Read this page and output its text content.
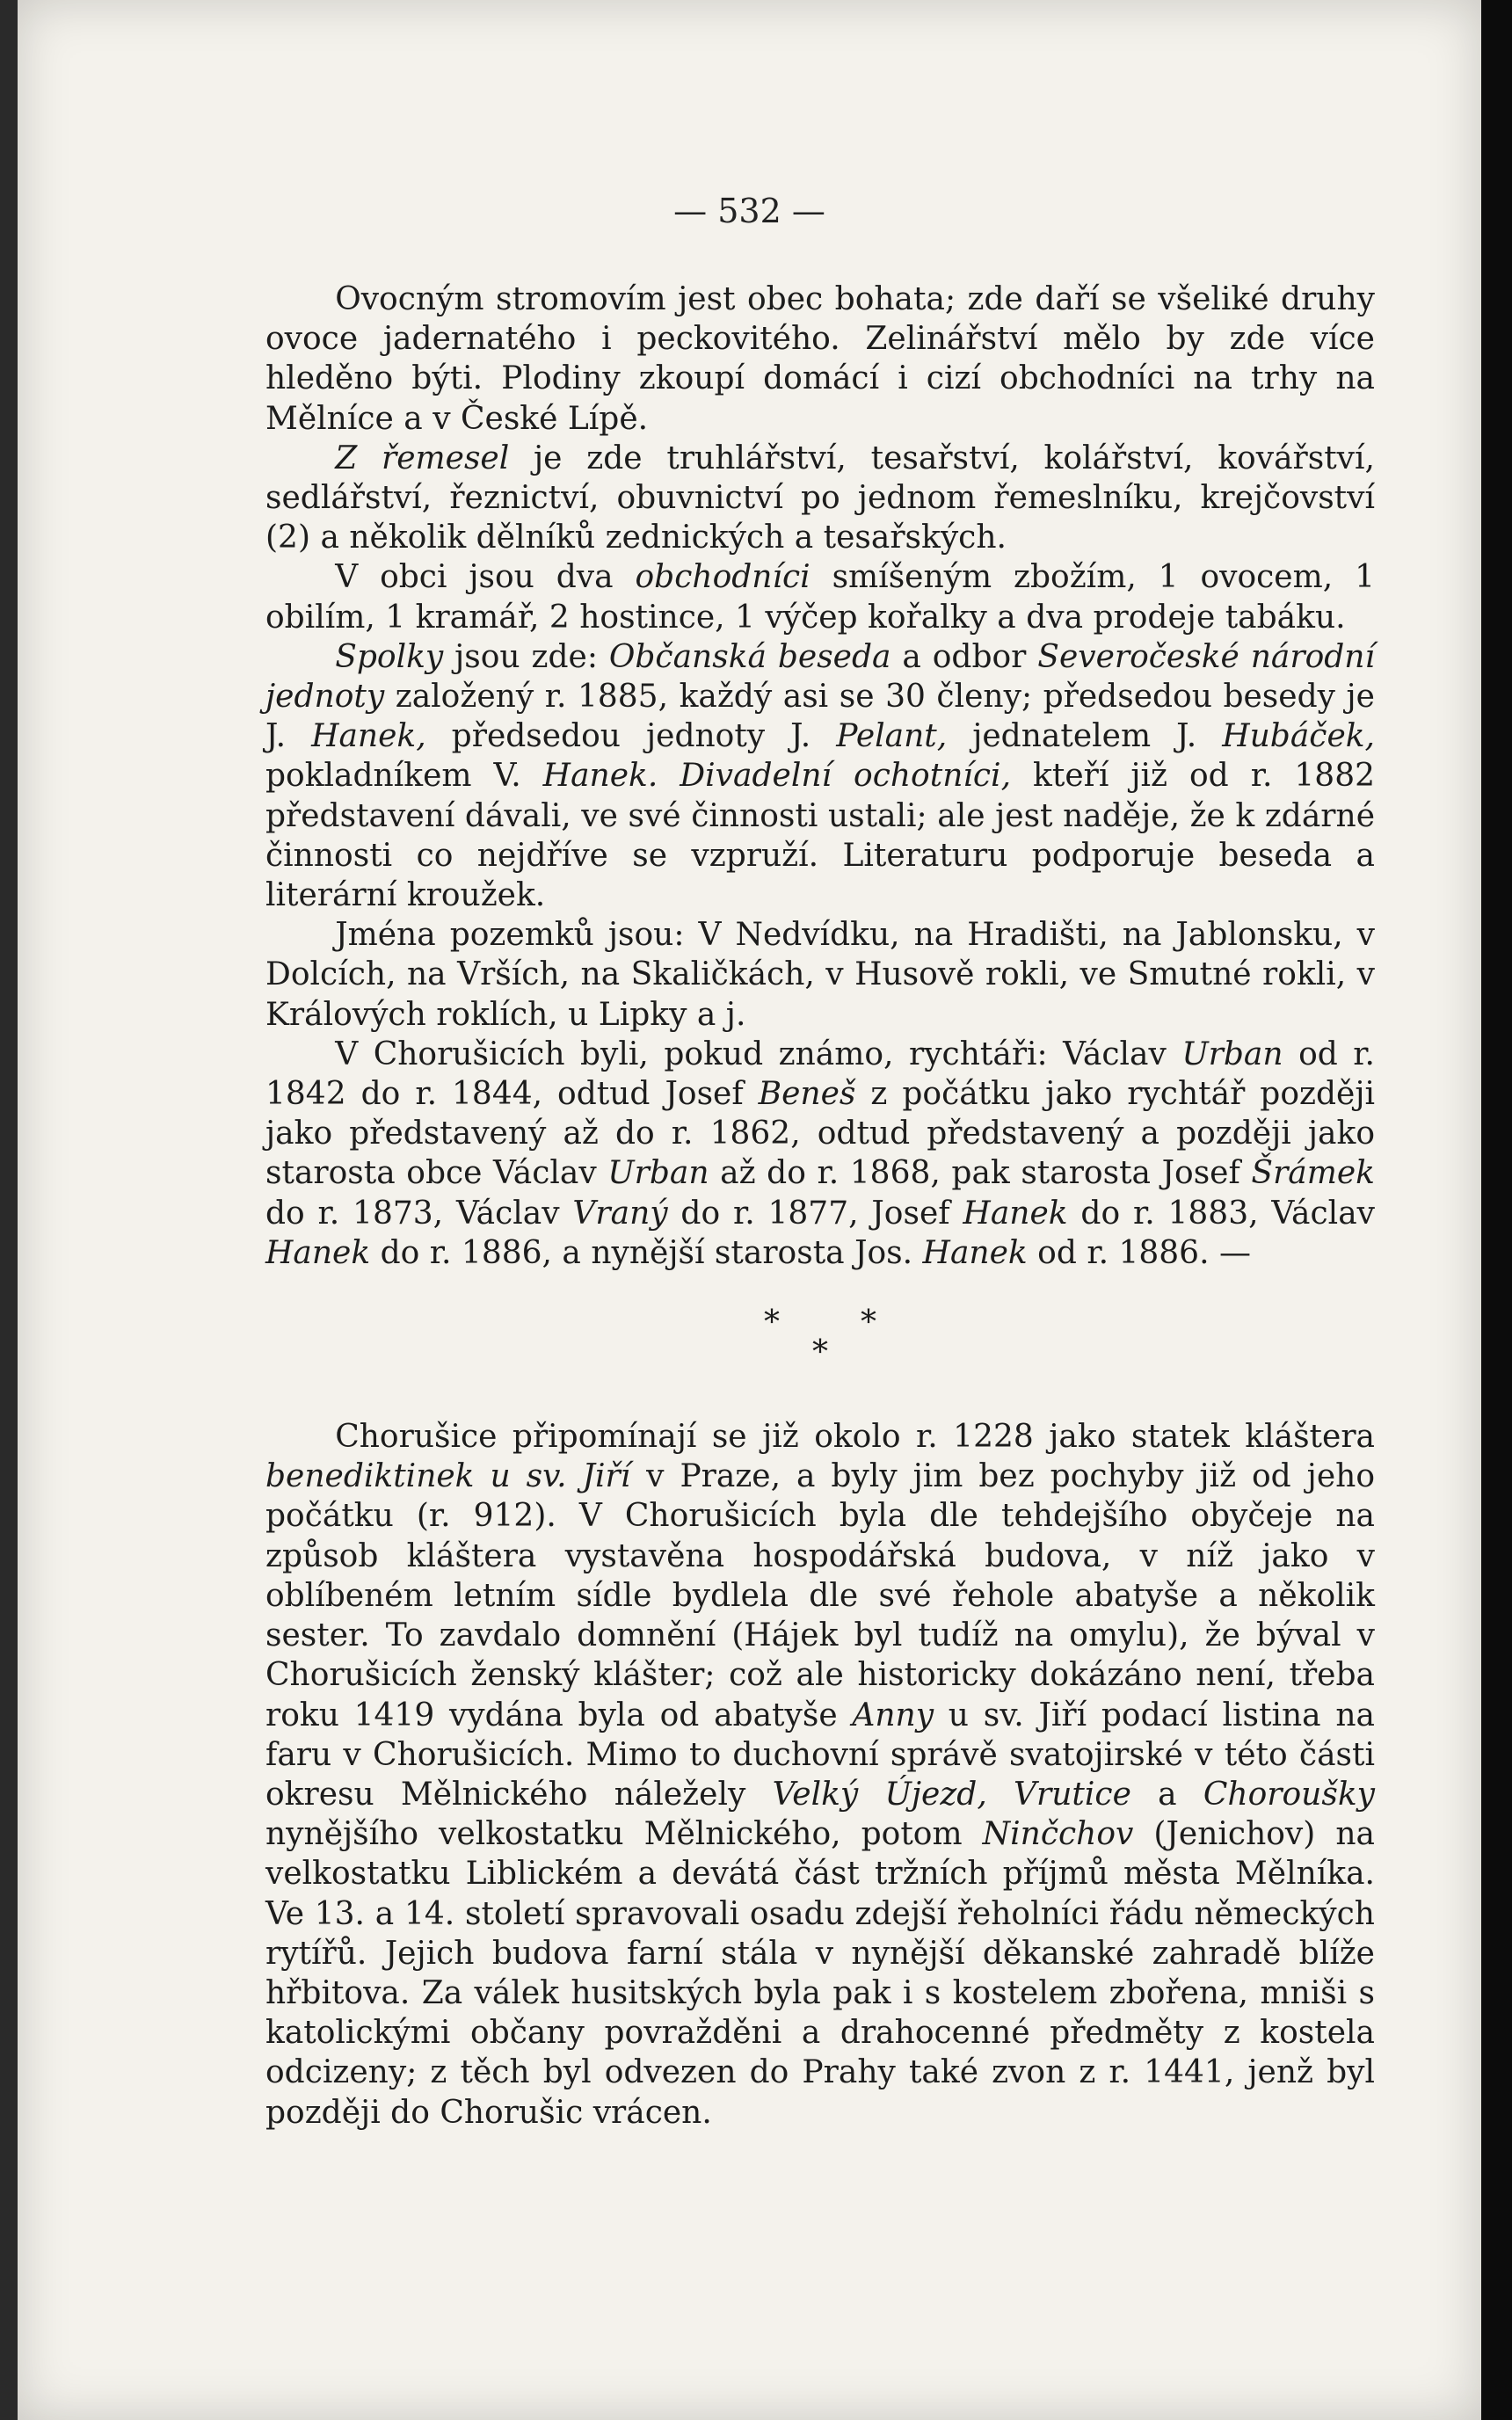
— 532 —

Ovocným stromovím jest obec bohata; zde daří se všeliké druhy ovoce jadernatého i peckovitého. Zelinářství mělo by zde více hleděno býti. Plodiny zkoupí domácí i cizí obchodníci na trhy na Mělníce a v České Lípě.

Z řemesel je zde truhlářství, tesařství, kolářství, kovářství, sedlářství, řeznictví, obuvnictví po jednom řemeslníku, krejčovství (2) a několik dělníků zednických a tesařských.

V obci jsou dva obchodníci smíšeným zbožím, 1 ovocem, 1 obilím, 1 kramář, 2 hostince, 1 výčep kořalky a dva prodeje tabáku.

Spolky jsou zde: Občanská beseda a odbor Severočeské národní jednoty založený r. 1885, každý asi se 30 členy; předsedou besedy je J. Hanek, předsedou jednoty J. Pelant, jednatelem J. Hubáček, pokladníkem V. Hanek. Divadelní ochotníci, kteří již od r. 1882 představení dávali, ve své činnosti ustali; ale jest naděje, že k zdárné činnosti co nejdříve se vzpruží. Literaturu podporuje beseda a literární kroužek.

Jména pozemků jsou: V Nedvídku, na Hradišti, na Jablonsku, v Dolcích, na Vrších, na Skaličkách, v Husově rokli, ve Smutné rokli, v Králových roklích, u Lipky a j.

V Chorušicích byli, pokud známo, rychtáři: Václav Urban od r. 1842 do r. 1844, odtud Josef Beneš z počátku jako rychtář později jako představený až do r. 1862, odtud představený a později jako starosta obce Václav Urban až do r. 1868, pak starosta Josef Šrámek do r. 1873, Václav Vraný do r. 1877, Josef Hanek do r. 1883, Václav Hanek do r. 1886, a nynější starosta Jos. Hanek od r. 1886. —

*	*
*

Chorušice připomínají se již okolo r. 1228 jako statek kláštera benediktinek u sv. Jiří v Praze, a byly jim bez pochyby již od jeho počátku (r. 912). V Chorušicích byla dle tehdejšího obyčeje na způsob kláštera vystavěna hospodářská budova, v níž jako v oblíbeném letním sídle bydlela dle své řehole abatyše a několik sester. To zavdalo domnění (Hájek byl tudíž na omylu), že býval v Chorušicích ženský klášter; což ale historicky dokázáno není, třeba roku 1419 vydána byla od abatyše Anny u sv. Jiří podací listina na faru v Chorušicích. Mimo to duchovní správě svatojirské v této části okresu Mělnického náležely Velký Újezd, Vrutice a Choroušky nynějšího velkostatku Mělnického, potom Ninčchov (Jenichov) na velkostatku Liblickém a devátá část tržních příjmů města Mělníka. Ve 13. a 14. století spravovali osadu zdejší řeholníci řádu německých rytířů. Jejich budova farní stála v nynější děkanské zahradě blíže hřbitova. Za válek husitských byla pak i s kostelem zbořena, mniši s katolickými občany povražděni a drahocenné předměty z kostela odcizeny; z těch byl odvezen do Prahy také zvon z r. 1441, jenž byl později do Chorušic vrácen.
